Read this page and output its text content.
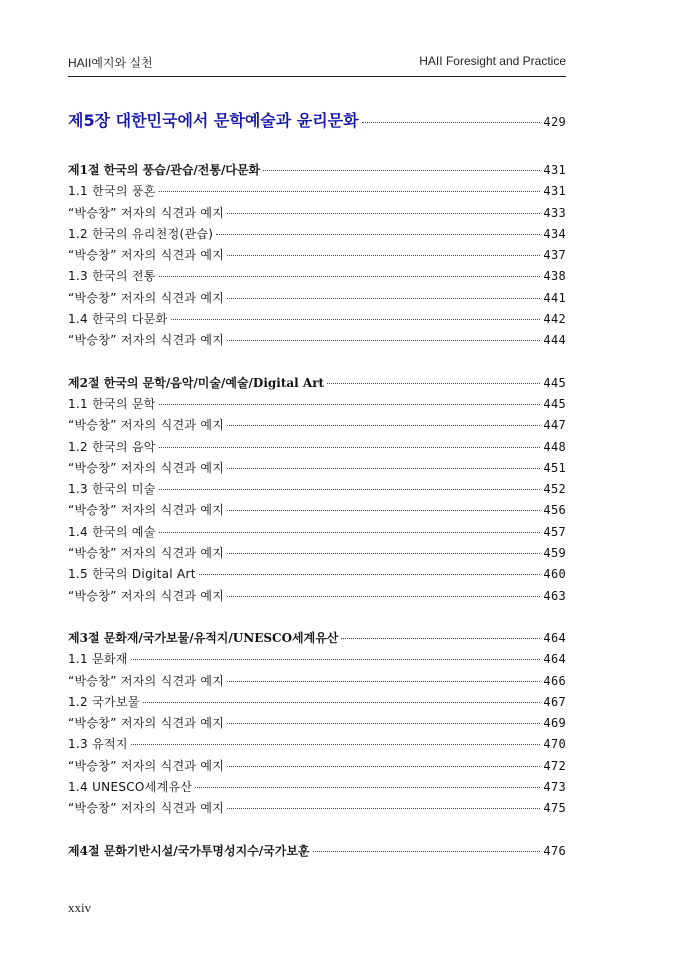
HAII예지와 실천	HAII Foresight and Practice
제5장 대한민국에서 문학예술과 윤리문화	429
제1절 한국의 풍습/관습/전통/다문화	431
1.1 한국의 풍혼	431
“박승창” 저자의 식견과 예지	433
1.2 한국의 유리천정(관습)	434
“박승창” 저자의 식견과 예지	437
1.3 한국의 전통	438
“박승창” 저자의 식견과 예지	441
1.4 한국의 다문화	442
“박승창” 저자의 식견과 예지	444
제2절 한국의 문학/음악/미술/예술/Digital Art	445
1.1 한국의 문학	445
“박승창” 저자의 식견과 예지	447
1.2 한국의 음악	448
“박승창” 저자의 식견과 예지	451
1.3 한국의 미술	452
“박승창” 저자의 식견과 예지	456
1.4 한국의 예술	457
“박승창” 저자의 식견과 예지	459
1.5 한국의 Digital Art	460
“박승창” 저자의 식견과 예지	463
제3절 문화재/국가보물/유적지/UNESCO세계유산	464
1.1 문화재	464
“박승창” 저자의 식견과 예지	466
1.2 국가보물	467
“박승창” 저자의 식견과 예지	469
1.3 유적지	470
“박승창” 저자의 식견과 예지	472
1.4 UNESCO세계유산	473
“박승창” 저자의 식견과 예지	475
제4절 문화기반시설/국가투명성지수/국가보훈	476
xxiv
